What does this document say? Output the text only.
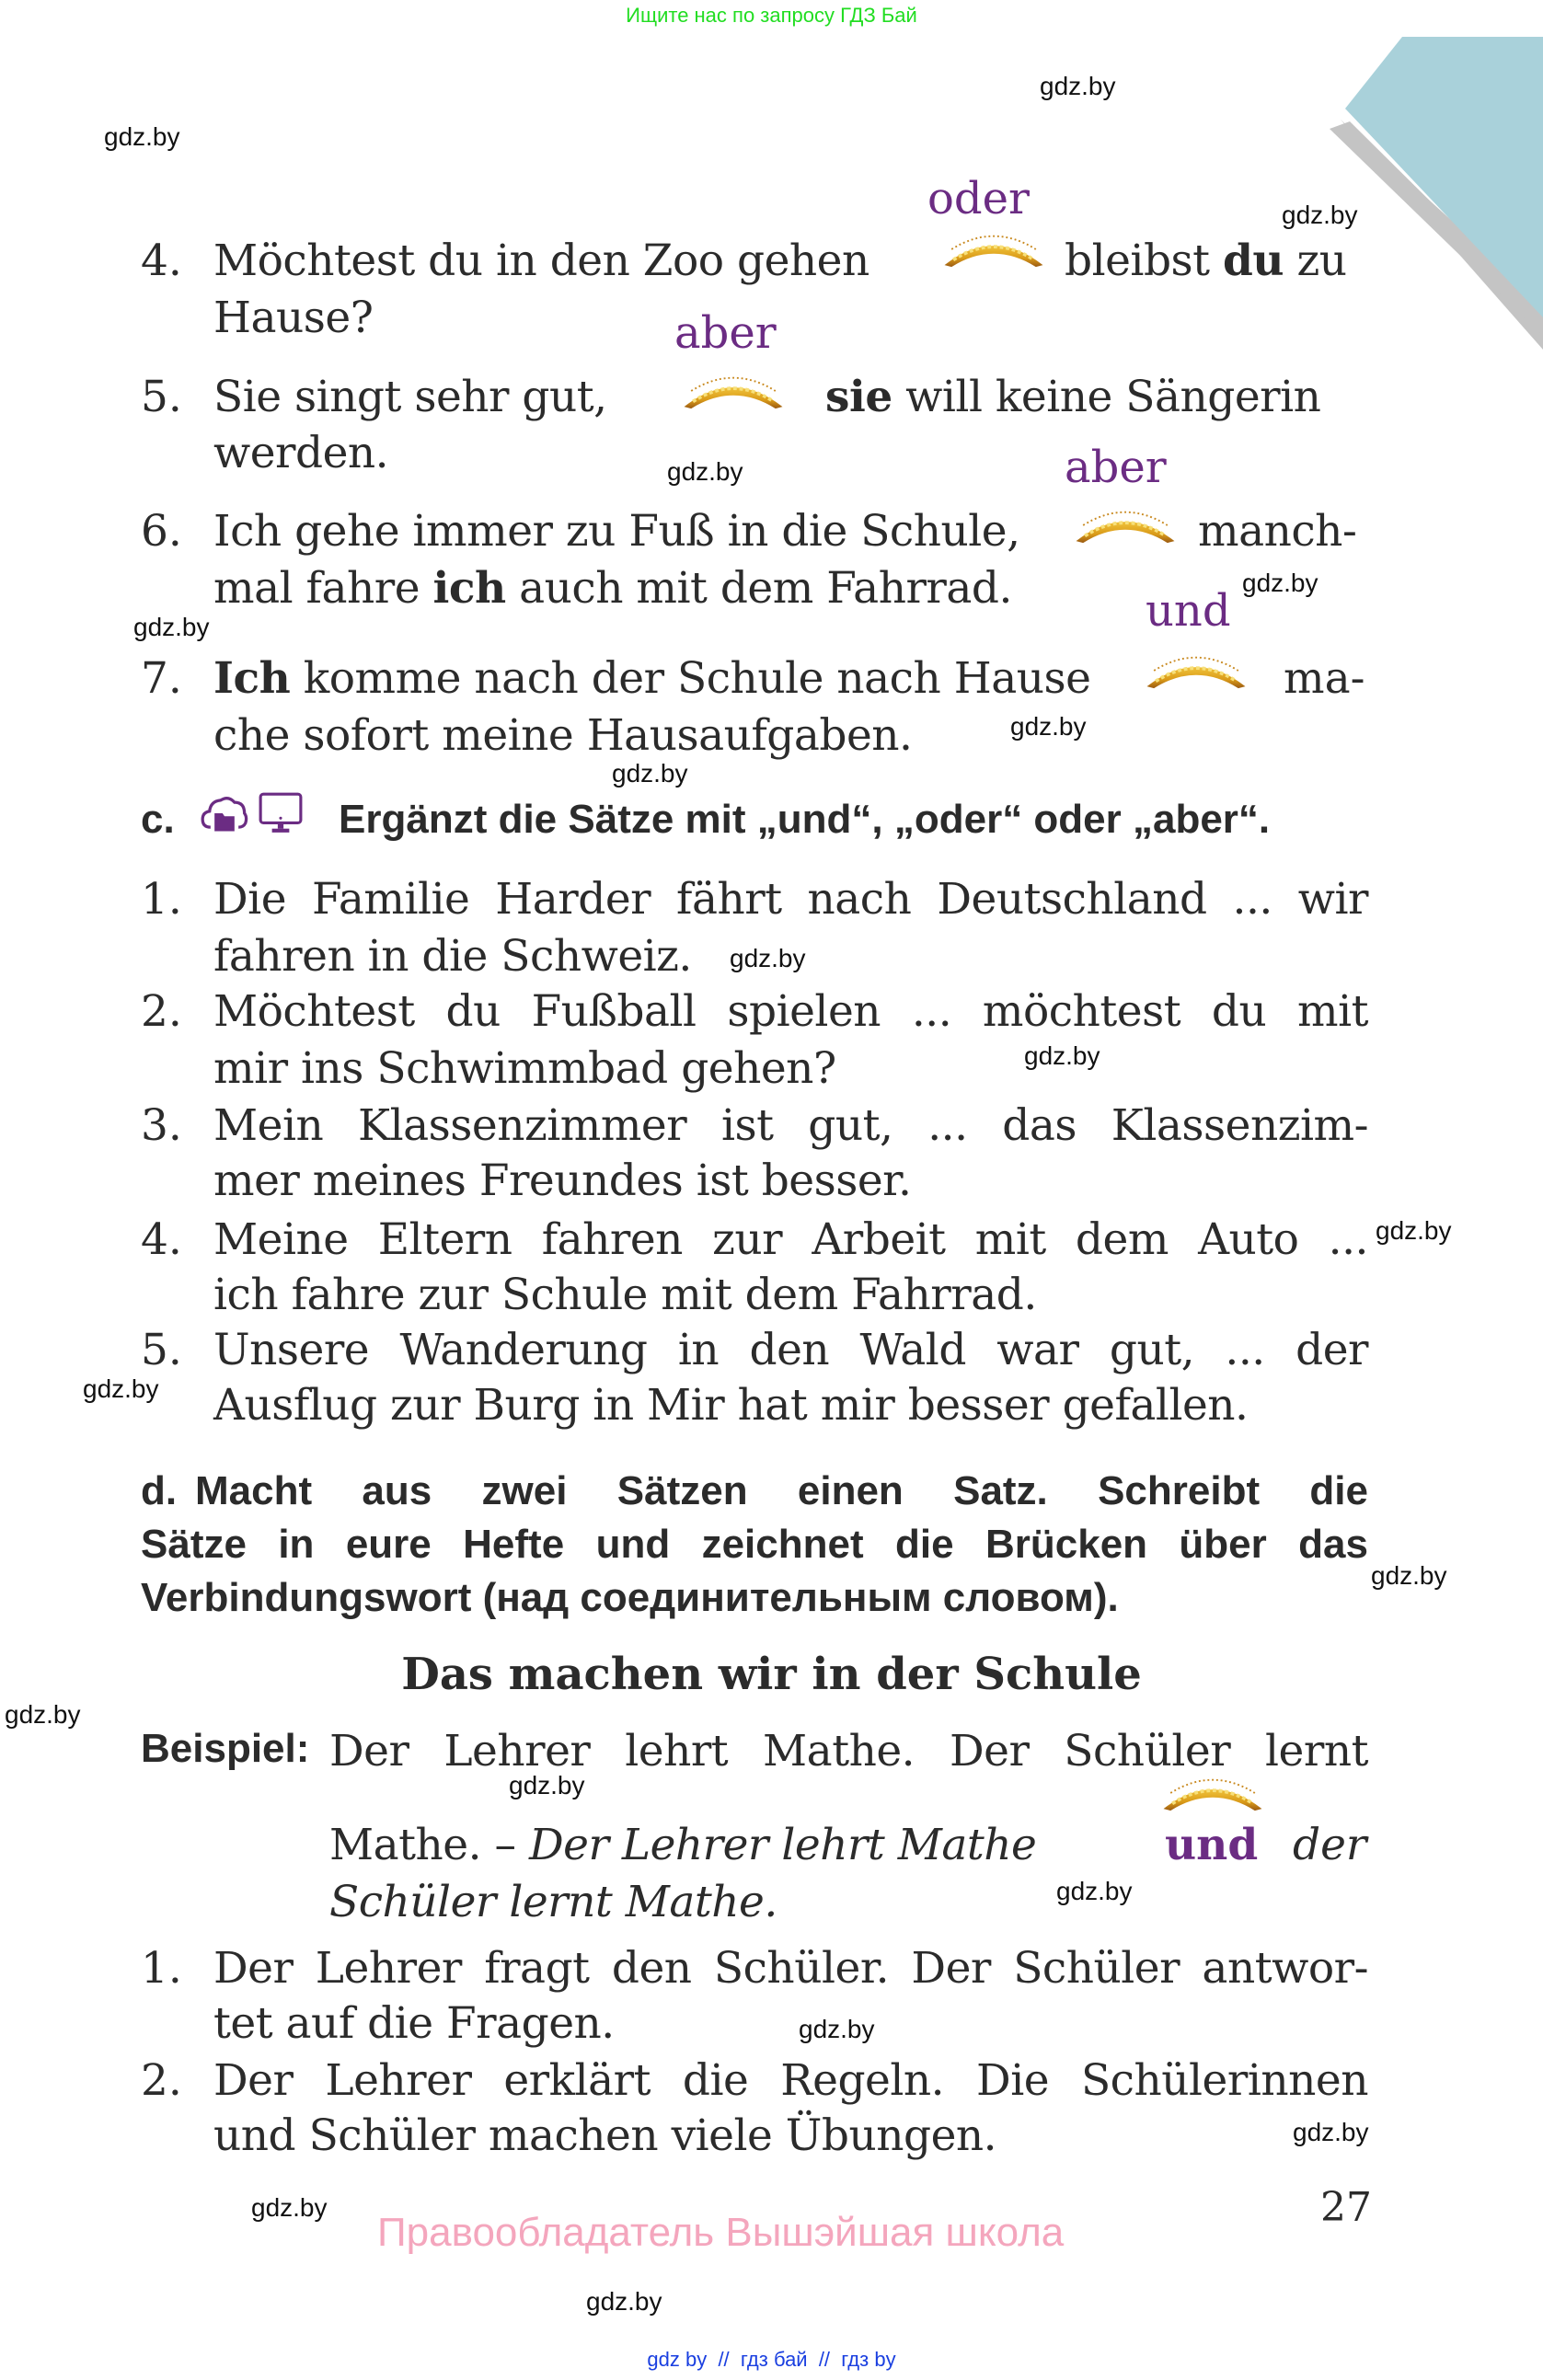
Ищите нас по запросу ГДЗ Бай
gdz.by
gdz.by
gdz.by
gdz.by
gdz.by
gdz.by
gdz.by
gdz.by
gdz.by
gdz.by
gdz.by
gdz.by
gdz.by
gdz.by
gdz.by
gdz.by
gdz.by
gdz.by
gdz.by
gdz.by
oder
4. Möchtest du in den Zoo gehen	bleibst du zu
Hause?	aber
5. Sie singt sehr gut,	sie will keine Sängerin
werden.	aber
6. Ich gehe immer zu Fuß in die Schule,	manch-
mal fahre ich auch mit dem Fahrrad.	und
7. Ich komme nach der Schule nach Hause	ma-
che sofort meine Hausaufgaben.
c.	Ergänzt die Sätze mit „und“, „oder“ oder „aber“.
1. Die Familie Harder fährt nach Deutschland ... wir
fahren in die Schweiz.
2. Möchtest du Fußball spielen ... möchtest du mit
mir ins Schwimmbad gehen?
3. Mein Klassenzimmer ist gut, ... das Klassenzim-
mer meines Freundes ist besser.
4. Meine Eltern fahren zur Arbeit mit dem Auto ...
ich fahre zur Schule mit dem Fahrrad.
5. Unsere Wanderung in den Wald war gut, ... der
Ausflug zur Burg in Mir hat mir besser gefallen.
d. Macht aus zwei Sätzen einen Satz. Schreibt die
Sätze in eure Hefte und zeichnet die Brücken über das
Verbindungswort (над соединительным словом).
Das machen wir in der Schule
Beispiel: Der Lehrer lehrt Mathe. Der Schüler lernt
Mathe. – Der Lehrer lehrt Mathe	und der
Schüler lernt Mathe.
1. Der Lehrer fragt den Schüler. Der Schüler antwor-
tet auf die Fragen.
2. Der Lehrer erklärt die Regeln. Die Schülerinnen
und Schüler machen viele Übungen.
27
Правообладатель Вышэйшая школа
gdz by  //  гдз бай  //  гдз by
